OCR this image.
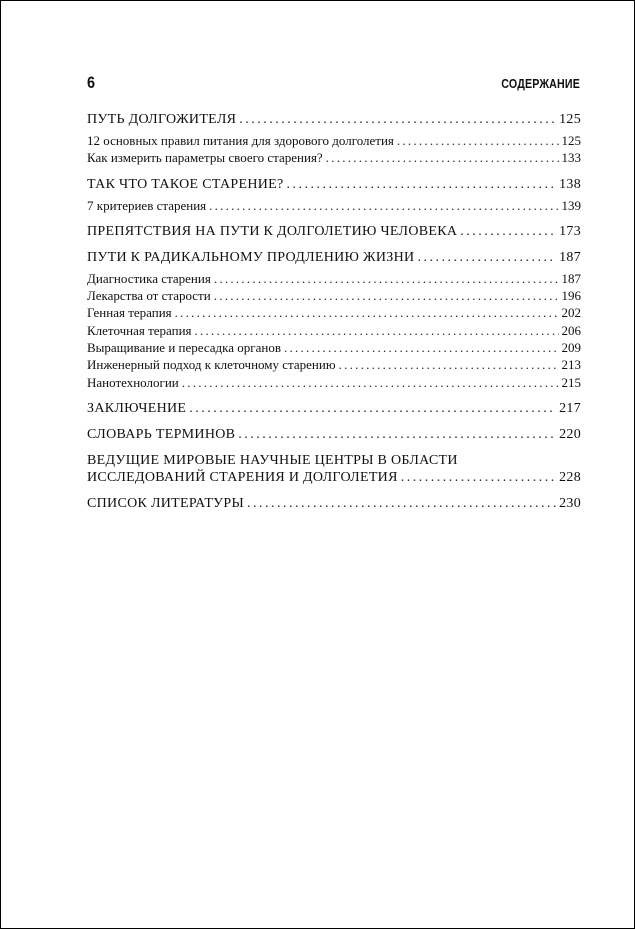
6	СОДЕРЖАНИЕ
ПУТЬ ДОЛГОЖИТЕЛЯ . . .	125
12 основных правил питания для здорового долголетия . . .	125
Как измерить параметры своего старения? . . .	133
ТАК ЧТО ТАКОЕ СТАРЕНИЕ? . . .	138
7 критериев старения . . .	139
ПРЕПЯТСТВИЯ НА ПУТИ К ДОЛГОЛЕТИЮ ЧЕЛОВЕКА . . .	173
ПУТИ К РАДИКАЛЬНОМУ ПРОДЛЕНИЮ ЖИЗНИ . . .	187
Диагностика старения . . .	187
Лекарства от старости . . .	196
Генная терапия . . .	202
Клеточная терапия . . .	206
Выращивание и пересадка органов . . .	209
Инженерный подход к клеточному старению . . .	213
Нанотехнологии . . .	215
ЗАКЛЮЧЕНИЕ . . .	217
СЛОВАРЬ ТЕРМИНОВ . . .	220
ВЕДУЩИЕ МИРОВЫЕ НАУЧНЫЕ ЦЕНТРЫ В ОБЛАСТИ
ИССЛЕДОВАНИЙ СТАРЕНИЯ И ДОЛГОЛЕТИЯ . . .	228
СПИСОК ЛИТЕРАТУРЫ . . .	230
